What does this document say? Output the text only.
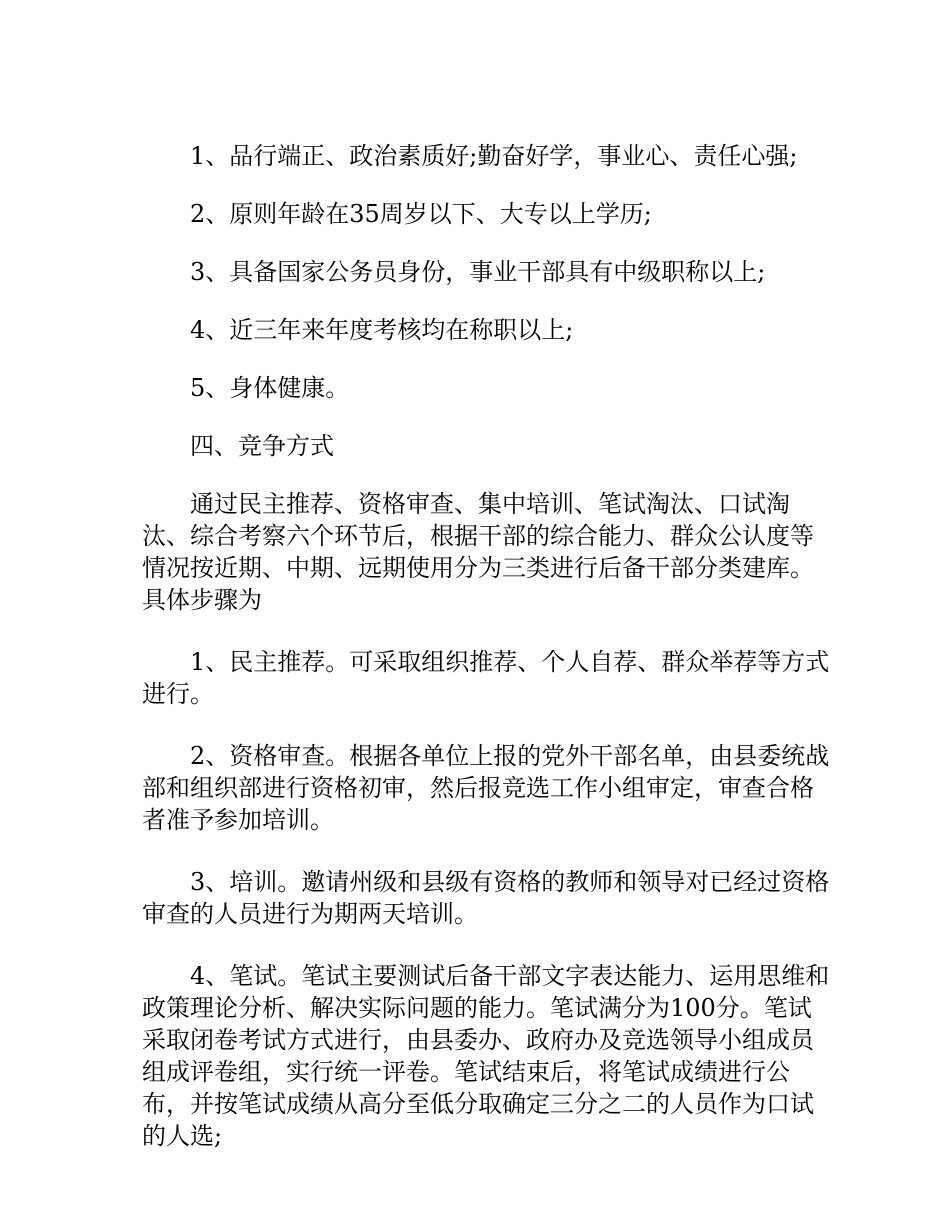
1、品行端正、政治素质好;勤奋好学，事业心、责任心强;

2、原则年龄在35周岁以下、大专以上学历;

3、具备国家公务员身份，事业干部具有中级职称以上;

4、近三年来年度考核均在称职以上;

5、身体健康。

四、竞争方式

通过民主推荐、资格审查、集中培训、笔试淘汰、口试淘汰、综合考察六个环节后，根据干部的综合能力、群众公认度等情况按近期、中期、远期使用分为三类进行后备干部分类建库。具体步骤为

1、民主推荐。可采取组织推荐、个人自荐、群众举荐等方式进行。

2、资格审查。根据各单位上报的党外干部名单，由县委统战部和组织部进行资格初审，然后报竞选工作小组审定，审查合格者准予参加培训。

3、培训。邀请州级和县级有资格的教师和领导对已经过资格审查的人员进行为期两天培训。

4、笔试。笔试主要测试后备干部文字表达能力、运用思维和政策理论分析、解决实际问题的能力。笔试满分为100分。笔试采取闭卷考试方式进行，由县委办、政府办及竞选领导小组成员组成评卷组，实行统一评卷。笔试结束后，将笔试成绩进行公布，并按笔试成绩从高分至低分取确定三分之二的人员作为口试的人选;
